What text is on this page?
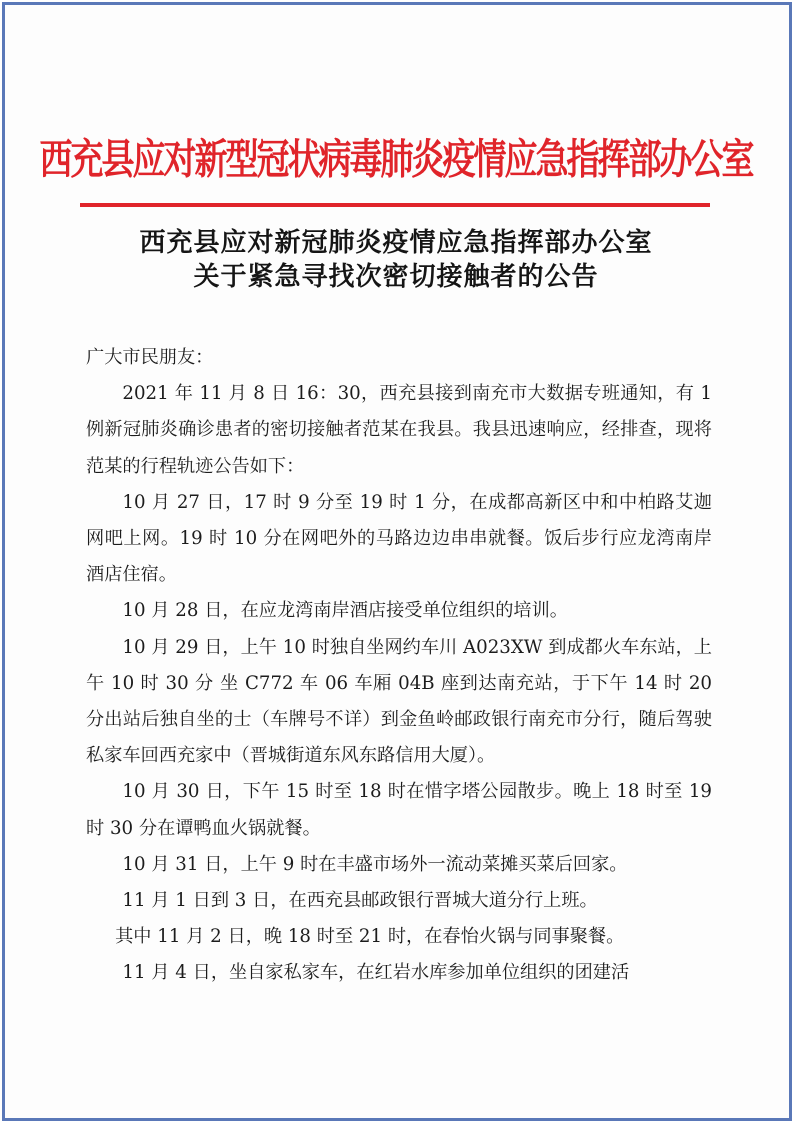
西充县应对新型冠状病毒肺炎疫情应急指挥部办公室
西充县应对新冠肺炎疫情应急指挥部办公室
关于紧急寻找次密切接触者的公告

广大市民朋友：

2021 年 11 月 8 日 16：30，西充县接到南充市大数据专班通知，有 1 例新冠肺炎确诊患者的密切接触者范某在我县。我县迅速响应，经排查，现将范某的行程轨迹公告如下：

10 月 27 日，17 时 9 分至 19 时 1 分，在成都高新区中和中柏路艾迦网吧上网。19 时 10 分在网吧外的马路边边串串就餐。饭后步行应龙湾南岸酒店住宿。

10 月 28 日，在应龙湾南岸酒店接受单位组织的培训。

10 月 29 日，上午 10 时独自坐网约车川 A023XW 到成都火车东站，上午 10 时 30 分 坐 C772 车 06 车厢 04B 座到达南充站，于下午 14 时 20 分出站后独自坐的士（车牌号不详）到金鱼岭邮政银行南充市分行，随后驾驶私家车回西充家中（晋城街道东风东路信用大厦）。

10 月 30 日，下午 15 时至 18 时在惜字塔公园散步。晚上 18 时至 19 时 30 分在谭鸭血火锅就餐。

10 月 31 日，上午 9 时在丰盛市场外一流动菜摊买菜后回家。

11 月 1 日到 3 日，在西充县邮政银行晋城大道分行上班。

其中 11 月 2 日，晚 18 时至 21 时，在春怡火锅与同事聚餐。

11 月 4 日，坐自家私家车，在红岩水库参加单位组织的团建活
